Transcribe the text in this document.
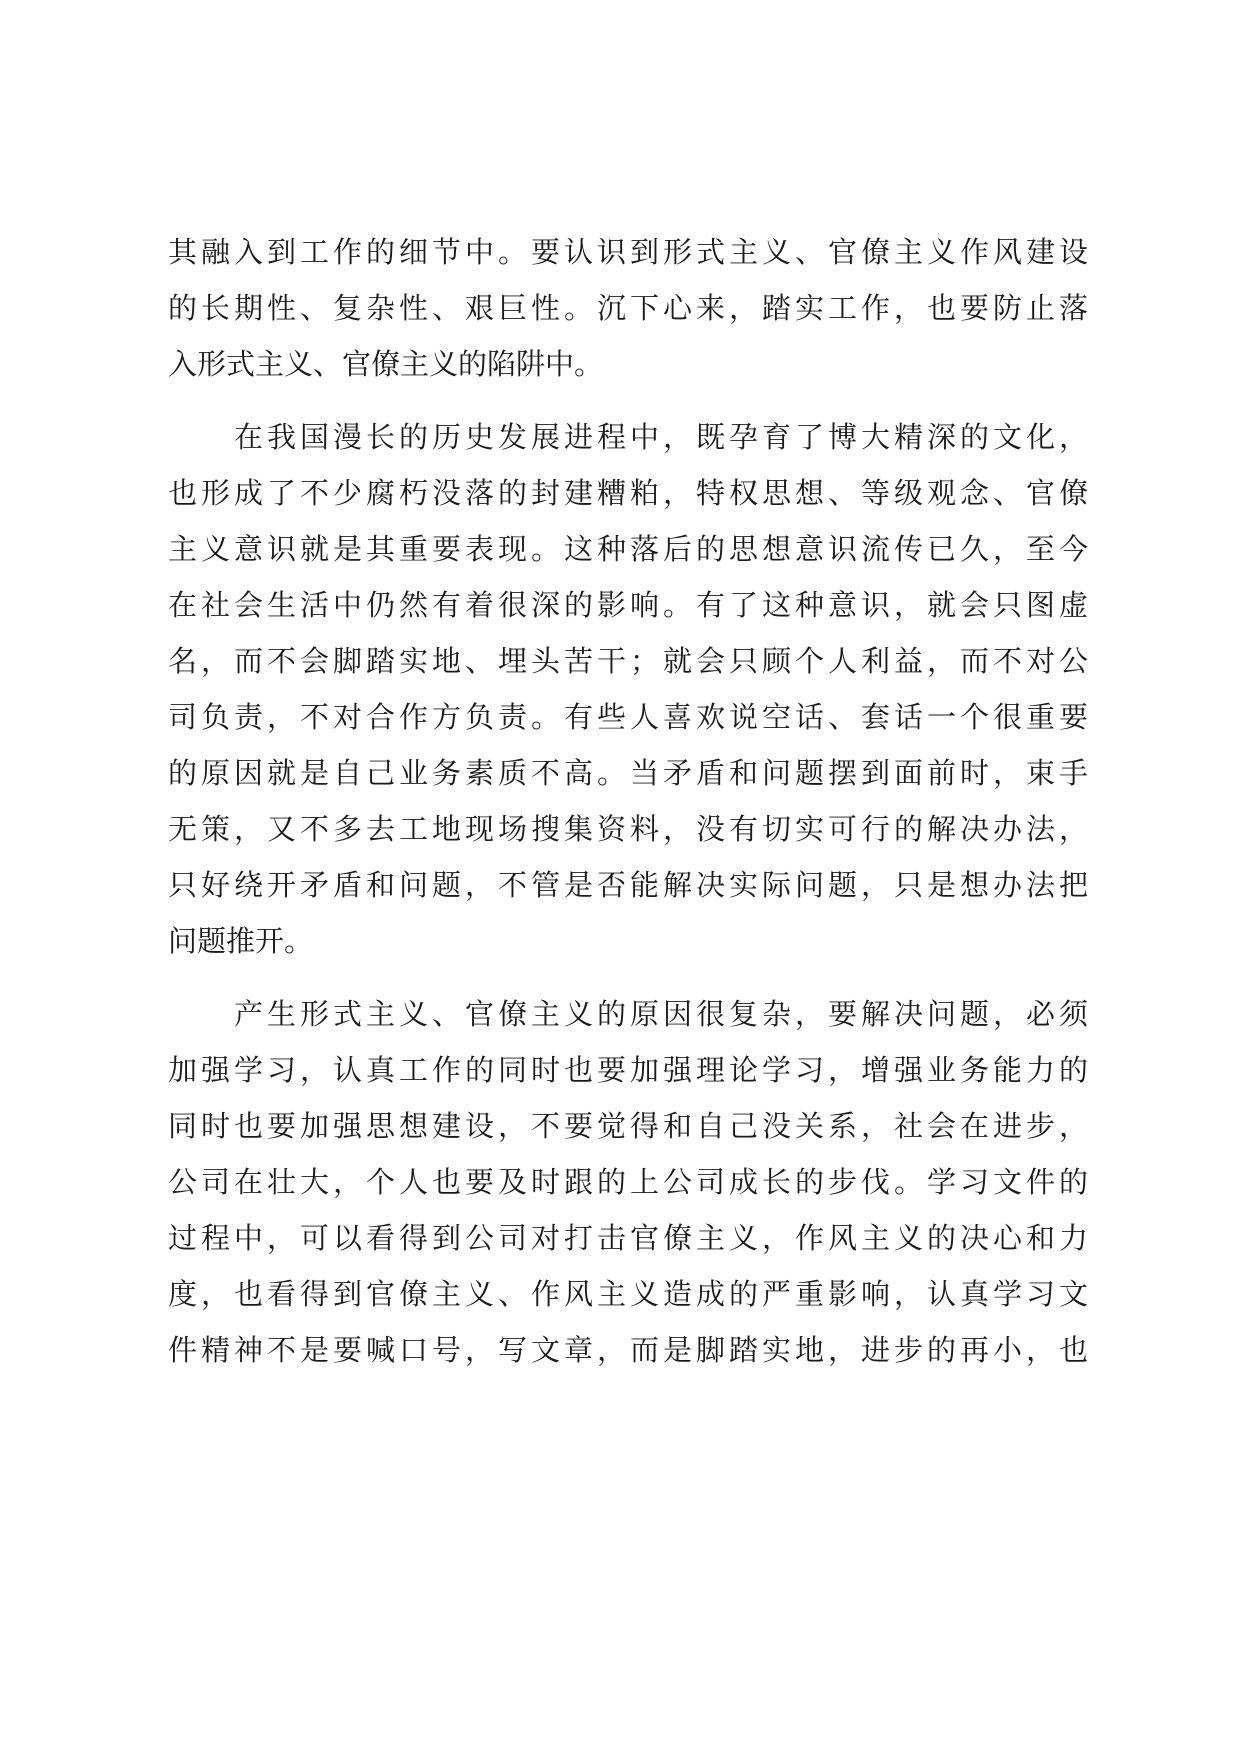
其融入到工作的细节中。要认识到形式主义、官僚主义作风建设
的长期性、复杂性、艰巨性。沉下心来，踏实工作，也要防止落
入形式主义、官僚主义的陷阱中。
在我国漫长的历史发展进程中，既孕育了博大精深的文化，
也形成了不少腐朽没落的封建糟粕，特权思想、等级观念、官僚
主义意识就是其重要表现。这种落后的思想意识流传已久，至今
在社会生活中仍然有着很深的影响。有了这种意识，就会只图虚
名，而不会脚踏实地、埋头苦干；就会只顾个人利益，而不对公
司负责，不对合作方负责。有些人喜欢说空话、套话一个很重要
的原因就是自己业务素质不高。当矛盾和问题摆到面前时，束手
无策，又不多去工地现场搜集资料，没有切实可行的解决办法，
只好绕开矛盾和问题，不管是否能解决实际问题，只是想办法把
问题推开。
产生形式主义、官僚主义的原因很复杂，要解决问题，必须
加强学习，认真工作的同时也要加强理论学习，增强业务能力的
同时也要加强思想建设，不要觉得和自己没关系，社会在进步，
公司在壮大，个人也要及时跟的上公司成长的步伐。学习文件的
过程中，可以看得到公司对打击官僚主义，作风主义的决心和力
度，也看得到官僚主义、作风主义造成的严重影响，认真学习文
件精神不是要喊口号，写文章，而是脚踏实地，进步的再小，也
